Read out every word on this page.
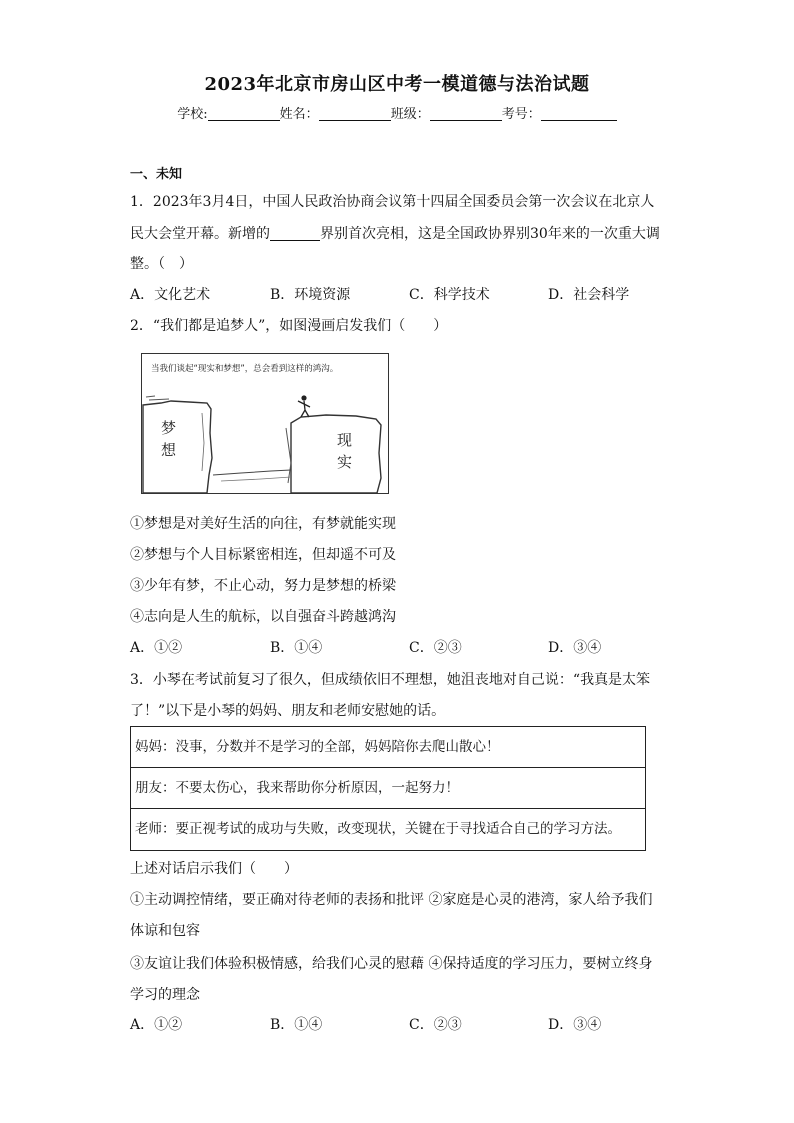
2023年北京市房山区中考一模道德与法治试题
学校:	姓名：	班级：	考号：
一、未知
1．2023年3月4日，中国人民政治协商会议第十四届全国委员会第一次会议在北京人
民大会堂开幕。新增的	界别首次亮相，这是全国政协界别30年来的一次重大调
整。（　）
A．文化艺术	B．环境资源	C．科学技术	D．社会科学
2．“我们都是追梦人”，如图漫画启发我们（　　）
当我们谈起“现实和梦想”，总会看到这样的鸿沟。
梦
想
现
实
①梦想是对美好生活的向往，有梦就能实现
②梦想与个人目标紧密相连，但却遥不可及
③少年有梦，不止心动，努力是梦想的桥梁
④志向是人生的航标，以自强奋斗跨越鸿沟
A．①②	B．①④	C．②③	D．③④
3．小琴在考试前复习了很久，但成绩依旧不理想，她沮丧地对自己说：“我真是太笨
了！”以下是小琴的妈妈、朋友和老师安慰她的话。
妈妈：没事，分数并不是学习的全部，妈妈陪你去爬山散心！
朋友：不要太伤心，我来帮助你分析原因，一起努力！
老师：要正视考试的成功与失败，改变现状，关键在于寻找适合自己的学习方法。
上述对话启示我们（　　）
①主动调控情绪，要正确对待老师的表扬和批评 ②家庭是心灵的港湾，家人给予我们
体谅和包容
③友谊让我们体验积极情感，给我们心灵的慰藉 ④保持适度的学习压力，要树立终身
学习的理念
A．①②	B．①④	C．②③	D．③④
